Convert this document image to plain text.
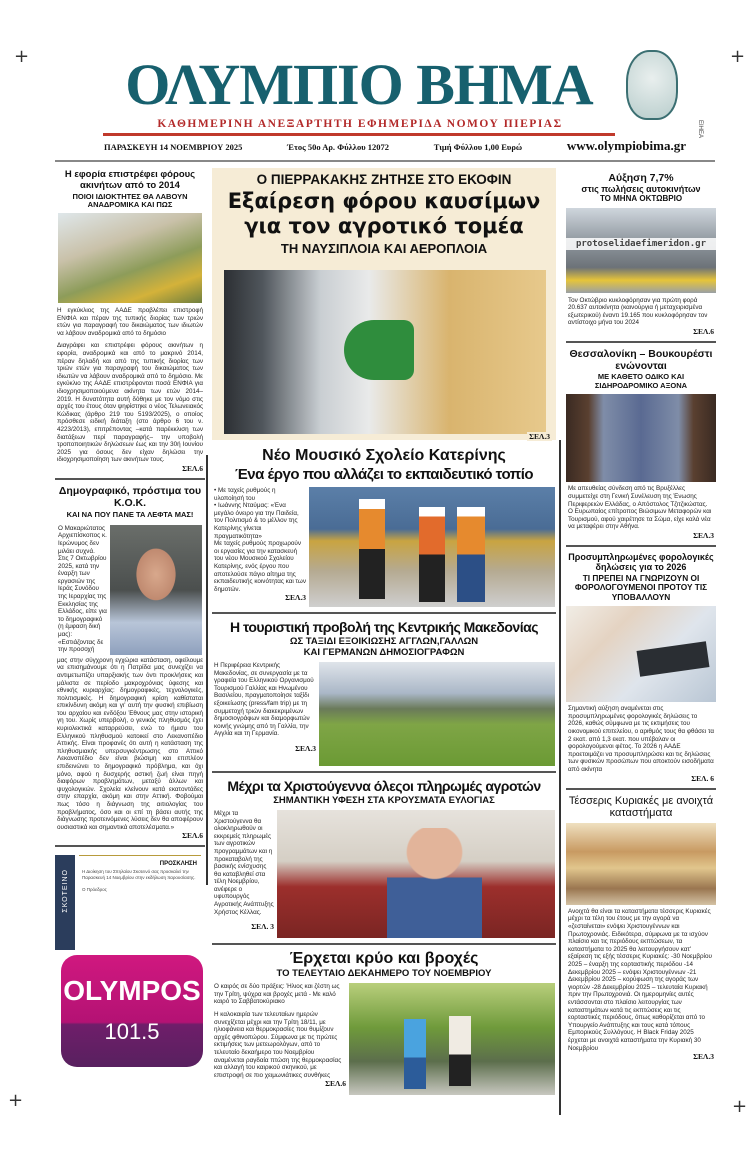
+	+
+	+
ΟΛΥΜΠΙΟ ΒΗΜΑ
ΚΑΘΗΜΕΡΙΝΗ ΑΝΕΞΑΡΤΗΤΗ ΕΦΗΜΕΡΙΔΑ ΝΟΜΟΥ ΠΙΕΡΙΑΣ
ΠΑΡΑΣΚΕΥΗ 14 ΝΟΕΜΒΡΙΟΥ 2025	Έτος 50ο Αρ. Φύλλου 12072	Τιμή Φύλλου 1,00 Ευρώ	www.olympiobima.gr
ΕΙΗΕΑ
Η εφορία επιστρέφει φόρους ακινήτων από το 2014
ΠΟΙΟΙ ΙΔΙΟΚΤΗΤΕΣ ΘΑ ΛΑΒΟΥΝ ΑΝΑΔΡΟΜΙΚΑ ΚΑΙ ΠΩΣ
Η εγκύκλιος της ΑΑΔΕ προβλέπει επιστροφή ΕΝΦΙΑ και πέραν της τυπικής διορίας των τριών ετών για παραγραφή του δικαιώματος των ιδιωτών να λάβουν αναδρομικά από το δημόσιο
Διαγράφει και επιστρέφει φόρους ακινήτων η εφορία, αναδρομικά και από το μακρινό 2014, πέραν δηλαδή και από της τυπικής διορίας των τριών ετών για παραγραφή του δικαιώματος των ιδιωτών να λάβουν αναδρομικά από το δημόσιο. Με εγκύκλιο της ΑΑΔΕ επιστρέφονται ποσά ΕΝΦΙΑ για ιδιοχρησιμοποιούμενα ακίνητα των ετών 2014–2019. Η δυνατότητα αυτή δόθηκε με τον νόμο στις αρχές του έτους όταν ψηφίστηκε ο νέος Τελωνειακός Κώδικας (άρθρο 219 του 5193/2025), ο οποίος πρόσθεσε ειδική διάταξη (στο άρθρο 6 του ν. 4223/2013), επιτρέποντας –κατά παρέκκλιση των διατάξεων περί παραγραφής– την υποβολή τροποποιητικών δηλώσεων έως και την 30ή Ιουνίου 2025 για όσους δεν είχαν δηλώσει την ιδιοχρησιμοποίηση των ακινήτων τους.
ΣΕΛ.6
Δημογραφικό, πρόστιμα του Κ.Ο.Κ.
ΚΑΙ ΝΑ ΠΟΥ ΠΑΝΕ ΤΑ ΛΕΦΤΑ ΜΑΣ!
Ο Μακαριώτατος Αρχιεπίσκοπος κ. Ιερώνυμος δεν μιλάει συχνά. Στις 7 Οκτωβρίου 2025, κατά την έναρξη των εργασιών της Ιεράς Συνόδου της Ιεραρχίας της Εκκλησίας της Ελλάδος, είπε για το δημογραφικό (η έμφαση δική μας): «Εστιάζοντας δε την προσοχή
μας στην σύγχρονη εγχώρια κατάσταση, οφείλουμε να επισημάνουμε ότι η Πατρίδα μας συνεχίζει να αντιμετωπίζει υπαρξιακής των όντι προκλήσεις και μάλιστα σε περίοδο μακροχρόνιας ύφεσης και εθνικής κυριαρχίας: δημογραφικές, τεχνολογικές, πολιτισμικές. Η δημογραφική κρίση καθίσταται επικίνδυνη ακόμη και γι' αυτή την φυσική επιβίωση του αρχαίου και ενδόξου Έθνους μας στην ιστορική γη του. Χωρίς υπερβολή, ο γενικός πληθυσμός έχει κυριολεκτικά καταρρεύσει, ενώ το ήμισυ του Ελληνικού πληθυσμού κατοικεί στο Λεκανοπέδιο Αττικής. Είναι προφανές ότι αυτή η κατάσταση της πληθυσμιακής υπερσυγκέντρωσης στο Αττικό Λεκανοπέδιο δεν είναι βιώσιμη και επιπλέον επιδεινώνει το δημογραφικό πρόβλημα, και όχι μόνο, αφού η δυσχερής αστική ζωή είναι πηγή διαφόρων προβλημάτων, μεταξύ άλλων και ψυχολογικών. Σχολεία κλείνουν κατά εκατοντάδες στην επαρχία, ακόμη και στην Αττική. Φοβούμαι πως τόσο η διάγνωση της αιτιολογίας του προβλήματος, όσο και οι επί τη βάσει αυτής της διάγνωσης προτεινόμενες λύσεις δεν θα αποφέρουν ουσιαστικά και σημαντικά αποτελέσματα.»
ΣΕΛ.6
ΣΚΟΤΕΙΝΟ
ΠΡΟΣΚΛΗΣΗ
Η Διοίκηση του Σπηλαίου Σκοτεινό σας προσκαλεί την Παρασκευή 14 Νοεμβρίου στην εκδήλωση παρουσίασης.
Ο Πρόεδρος
OLYMPOS
101.5
Ο ΠΙΕΡΡΑΚΑΚΗΣ ΖΗΤΗΣΕ ΣΤΟ ΕΚΟΦΙΝ
Εξαίρεση φόρου καυσίμων
για τον αγροτικό τομέα
ΤΗ ΝΑΥΣΙΠΛΟΙΑ ΚΑΙ ΑΕΡΟΠΛΟΙΑ
ΣΕΛ.3
Νέο Μουσικό Σχολείο Κατερίνης
Ένα έργο που αλλάζει το εκπαιδευτικό τοπίο
• Με ταχείς ρυθμούς η υλοποίησή του
• Ιωάννης Νταύμας: «Ένα μεγάλο όνειρο για την Παιδεία, τον Πολιτισμό & το μέλλον της Κατερίνης γίνεται πραγματικότητα»
Με ταχείς ρυθμούς προχωρούν οι εργασίες για την κατασκευή του νέου Μουσικού Σχολείου Κατερίνης, ενός έργου που αποτελούσε πάγιο αίτημα της εκπαιδευτικής κοινότητας και των δημοτών.
ΣΕΛ.3
Η τουριστική προβολή της Κεντρικής Μακεδονίας
ΩΣ ΤΑΞΙΔΙ ΕΞΟΙΚΙΩΣΗΣ ΑΓΓΛΩΝ,ΓΑΛΛΩΝ
ΚΑΙ ΓΕΡΜΑΝΩΝ ΔΗΜΟΣΙΟΓΡΑΦΩΝ
Η Περιφέρεια Κεντρικής Μακεδονίας, σε συνεργασία με τα γραφεία του Ελληνικού Οργανισμού Τουρισμού Γαλλίας και Ηνωμένου Βασιλείου, πραγματοποίησε ταξίδι εξοικείωσης (press/fam trip) με τη συμμετοχή τριών διακεκριμένων δημοσιογράφων και διαμορφωτών κοινής γνώμης από τη Γαλλία, την Αγγλία και τη Γερμανία.
ΣΕΛ.3
Μέχρι τα Χριστούγεννα όλεςοι πληρωμές αγροτών
ΣΗΜΑΝΤΙΚΗ ΥΦΕΣΗ ΣΤΑ ΚΡΟΥΣΜΑΤΑ ΕΥΛΟΓΙΑΣ
Μέχρι τα Χριστούγεννα θα ολοκληρωθούν οι εκκρεμείς πληρωμές των αγροτικών προγραμμάτων και η προκαταβολή της βασικής ενίσχυσης θα καταβληθεί στα τέλη Νοεμβρίου, ανέφερε ο υφυπουργός Αγροτικής Ανάπτυξης Χρήστος Κέλλας.
ΣΕΛ. 3
Έρχεται κρύο και βροχές
ΤΟ ΤΕΛΕΥΤΑΙΟ ΔΕΚΑΗΜΕΡΟ ΤΟΥ ΝΟΕΜΒΡΙΟΥ
Ο καιρός σε δύο πράξεις: Ήλιος και ζέστη ως την Τρίτη, ψύχρα και βροχές μετά - Με καλό καιρό το Σαββατοκύριακο
Η καλοκαιρία των τελευταίων ημερών συνεχίζεται μέχρι και την Τρίτη 18/11, με ηλιοφάνεια και θερμοκρασίες που θυμίζουν αρχές φθινοπώρου. Σύμφωνα με τις πρώτες εκτιμήσεις των μετεωρολόγων, από το τελευταίο δεκαήμερο του Νοεμβρίου αναμένεται ραγδαία πτώση της θερμοκρασίας και αλλαγή του καιρικού σκηνικού, με επιστροφή σε πιο χειμωνιάτικες συνθήκες
ΣΕΛ.6
Αύξηση 7,7%
στις πωλήσεις αυτοκινήτων
ΤΟ ΜΗΝΑ ΟΚΤΩΒΡΙΟ
protoselidaefimeridon.gr
Τον Οκτώβριο κυκλοφόρησαν για πρώτη φορά 20.637 αυτοκίνητα (καινούργια ή μεταχειρισμένα εξωτερικού) έναντι 19.165 που κυκλοφόρησαν τον αντίστοιχο μήνα του 2024
ΣΕΛ.6
Θεσσαλονίκη – Βουκουρέστι ενώνονται
ΜΕ ΚΑΘΕΤΟ ΟΔΙΚΟ ΚΑΙ ΣΙΔΗΡΟΔΡΟΜΙΚΟ ΑΞΟΝΑ
Με απευθείας σύνδεση από τις Βρυξέλλες συμμετείχε στη Γενική Συνέλευση της Ένωσης Περιφερειών Ελλάδας, ο Απόστολος Τζιτζικώστας. Ο Ευρωπαίος επίτροπος Βιώσιμων Μεταφορών και Τουρισμού, αφού χαιρέτησε τα Σώμα, είχε καλά νέα να μεταφέρει στην Αθήνα.
ΣΕΛ.3
Προσυμπληρωμένες φορολογικές δηλώσεις για το 2026
ΤΙ ΠΡΕΠΕΙ ΝΑ ΓΝΩΡΙΖΟΥΝ ΟΙ ΦΟΡΟΛΟΓΟΥΜΕΝΟΙ ΠΡΟΤΟΥ ΤΙΣ ΥΠΟΒΑΛΛΟΥΝ
Σημαντική αύξηση αναμένεται στις προσυμπληρωμένες φορολογικές δηλώσεις το 2026, καθώς σύμφωνα με τις εκτιμήσεις του οικονομικού επιτελείου, ο αριθμός τους θα φθάσει τα 2 εκατ. από 1,3 εκατ. που υπέβαλαν οι φορολογούμενοι φέτος. Το 2026 η ΑΑΔΕ προετοιμάζει να προσυμπληρώσει και τις δηλώσεις των φυσικών προσώπων που αποκτούν εισοδήματα από ακίνητα
ΣΕΛ. 6
Τέσσερις Κυριακές με ανοιχτά καταστήματα
Ανοιχτά θα είναι τα καταστήματα τέσσερις Κυριακές μέχρι τα τέλη του έτους με την αγορά να «ζεσταίνεται» ενόψει Χριστουγέννων και Πρωτοχρονιάς. Ειδικότερα, σύμφωνα με τα ισχύον πλαίσιο και τις περιόδους εκπτώσεων, τα καταστήματα το 2025 θα λειτουργήσουν κατ' εξαίρεση τις εξής τέσσερις Κυριακές: -30 Νοεμβρίου 2025 – έναρξη της εορταστικής περιόδου -14 Δεκεμβρίου 2025 – ενόψει Χριστουγέννων -21 Δεκεμβρίου 2025 – κορύφωση της αγοράς των γιορτών -28 Δεκεμβρίου 2025 – τελευταία Κυριακή πριν την Πρωτοχρονιά. Οι ημερομηνίες αυτές εντάσσονται στο πλαίσιο λειτουργίας των καταστημάτων κατά τις εκπτώσεις και τις εορταστικές περιόδους, όπως καθορίζεται από το Υπουργείο Ανάπτυξης και τους κατά τόπους Εμπορικούς Συλλόγους. Η Black Friday 2025 έρχεται με ανοιχτά καταστήματα την Κυριακή 30 Νοεμβρίου
ΣΕΛ.3
